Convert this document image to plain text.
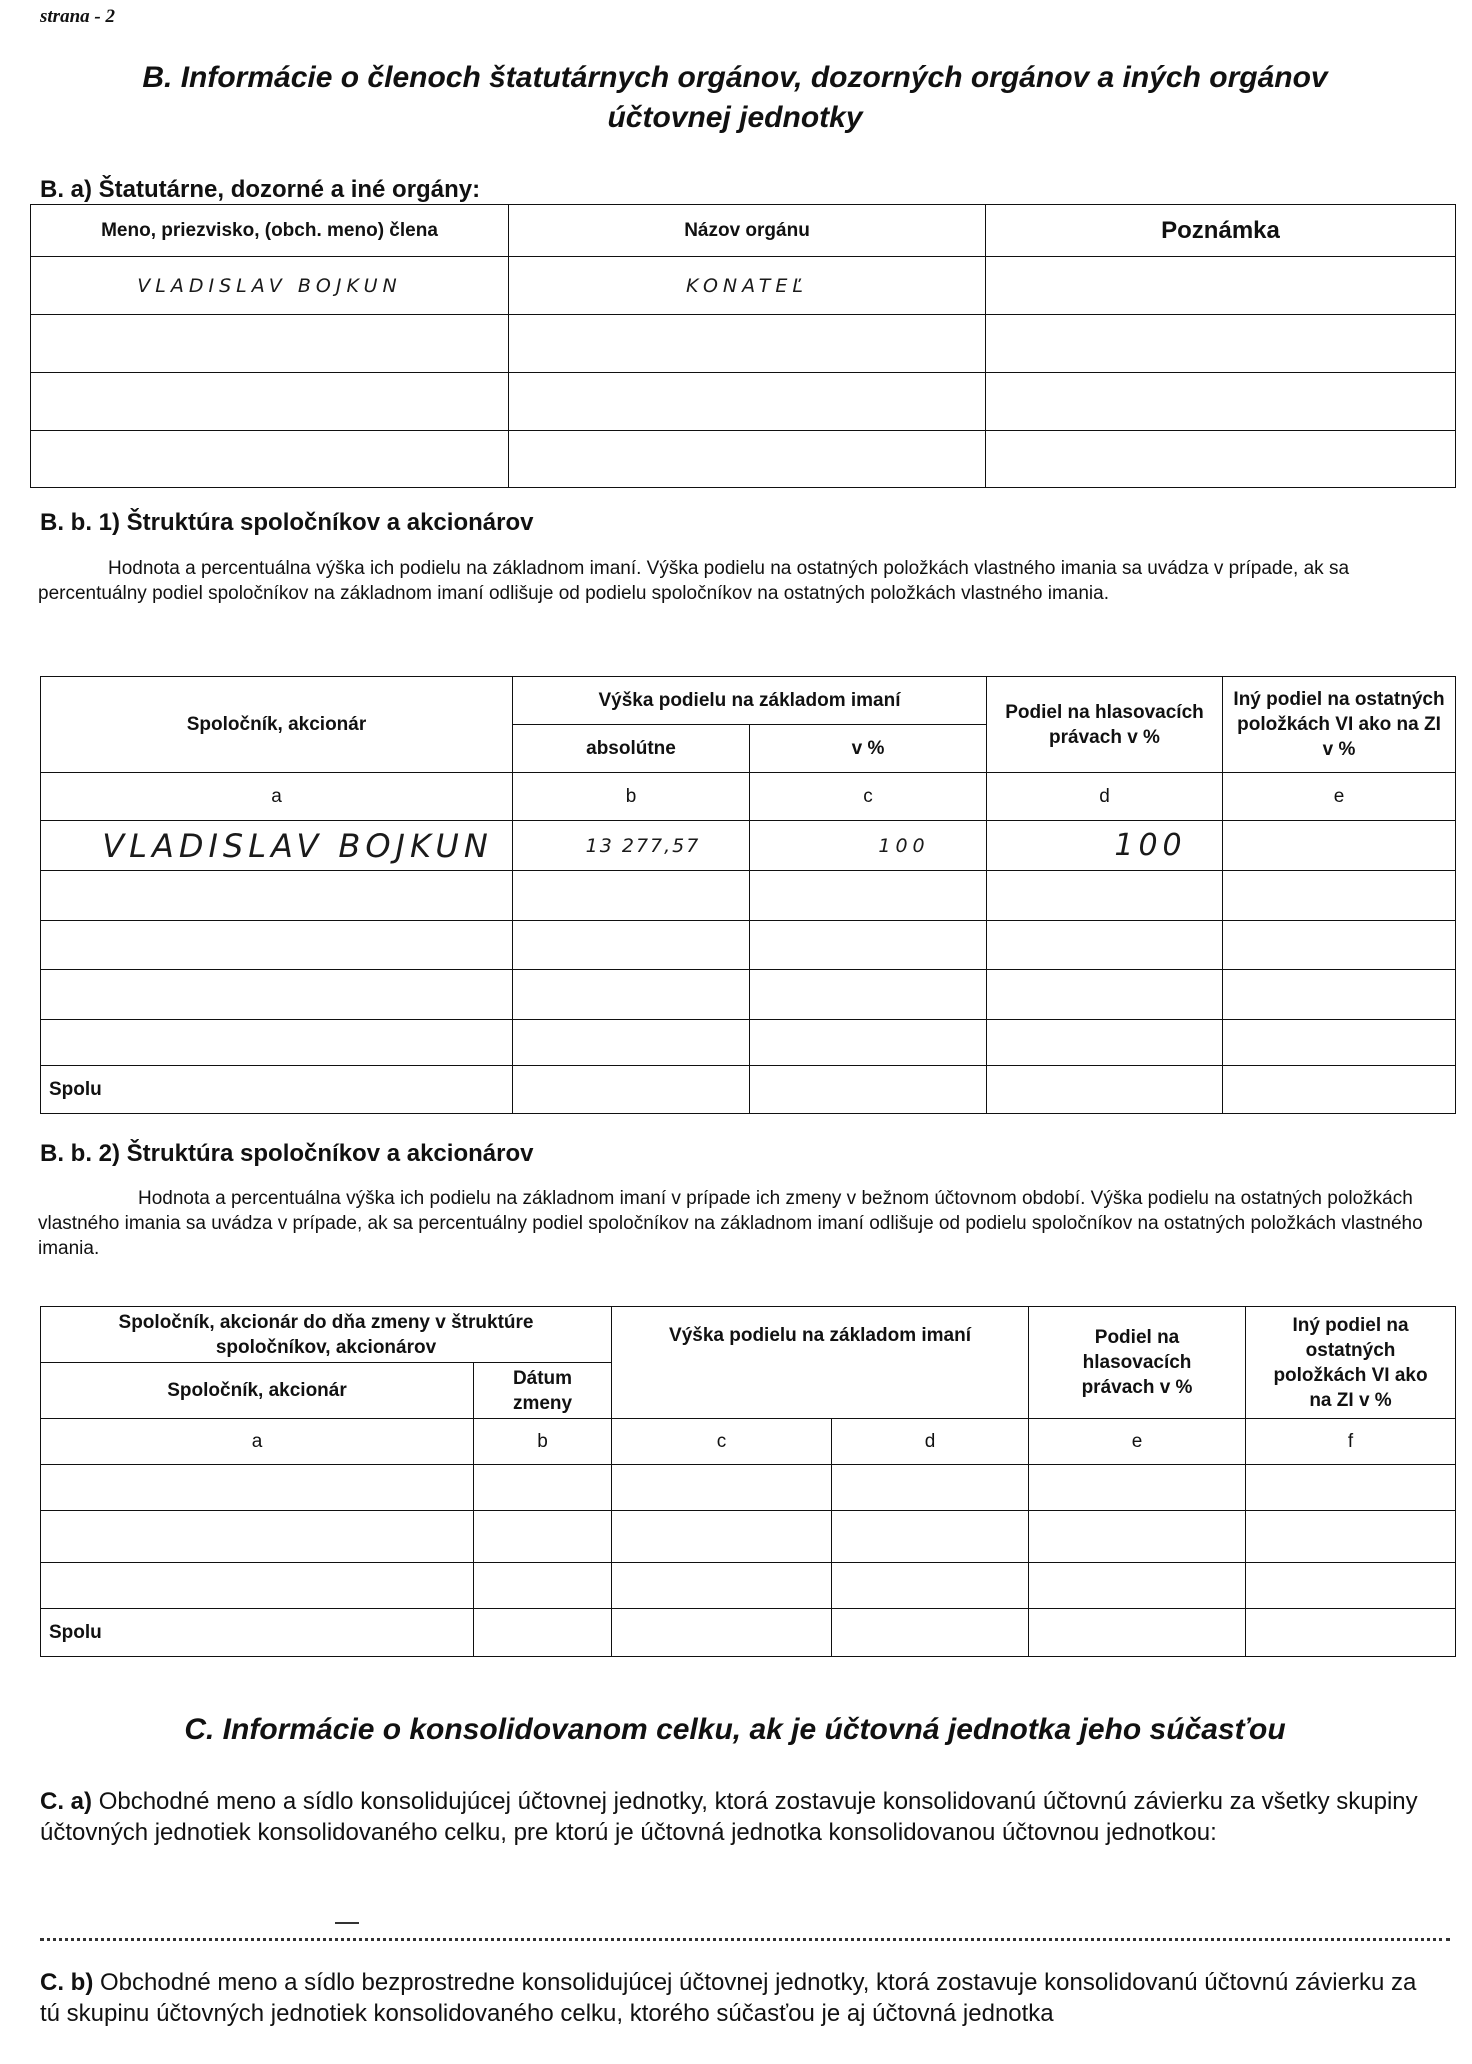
strana - 2
B. Informácie o členoch štatutárnych orgánov, dozorných orgánov a iných orgánov
účtovnej jednotky
B. a) Štatutárne, dozorné a iné orgány:
Meno, priezvisko, (obch. meno) člena	Názov orgánu	Poznámka
VLADISLAV BOJKUN	KONATEĽ	

B. b. 1) Štruktúra spoločníkov a akcionárov
Hodnota a percentuálna výška ich podielu na základnom imaní. Výška podielu na ostatných položkách vlastného imania sa uvádza v prípade, ak sa percentuálny podiel spoločníkov na základnom imaní odlišuje od podielu spoločníkov na ostatných položkách vlastného imania.
Spoločník, akcionár	Výška podielu na základom imaní		Podiel na hlasovacích právach v %	Iný podiel na ostatných položkách VI ako na ZI v %
	absolútne	v %		
a	b	c	d	e
VLADISLAV BOJKUN	13 277,57	100	100	

Spolu				
B. b. 2) Štruktúra spoločníkov a akcionárov
Hodnota a percentuálna výška ich podielu na základnom imaní v prípade ich zmeny v bežnom účtovnom období. Výška podielu na ostatných položkách vlastného imania sa uvádza v prípade, ak sa percentuálny podiel spoločníkov na základnom imaní odlišuje od podielu spoločníkov na ostatných položkách vlastného imania.
Spoločník, akcionár do dňa zmeny v štruktúre spoločníkov, akcionárov		Výška podielu na základom imaní		Podiel na hlasovacích právach v %	Iný podiel na ostatných položkách VI ako na ZI v %
Spoločník, akcionár	Dátum zmeny				
a	b	c	d	e	f

Spolu					
C. Informácie o konsolidovanom celku, ak je účtovná jednotka jeho súčasťou
C. a) Obchodné meno a sídlo konsolidujúcej účtovnej jednotky, ktorá zostavuje konsolidovanú účtovnú závierku za všetky skupiny účtovných jednotiek konsolidovaného celku, pre ktorú je účtovná jednotka konsolidovanou účtovnou jednotkou:
C. b) Obchodné meno a sídlo bezprostredne konsolidujúcej účtovnej jednotky, ktorá zostavuje konsolidovanú účtovnú závierku za tú skupinu účtovných jednotiek konsolidovaného celku, ktorého súčasťou je aj účtovná jednotka
